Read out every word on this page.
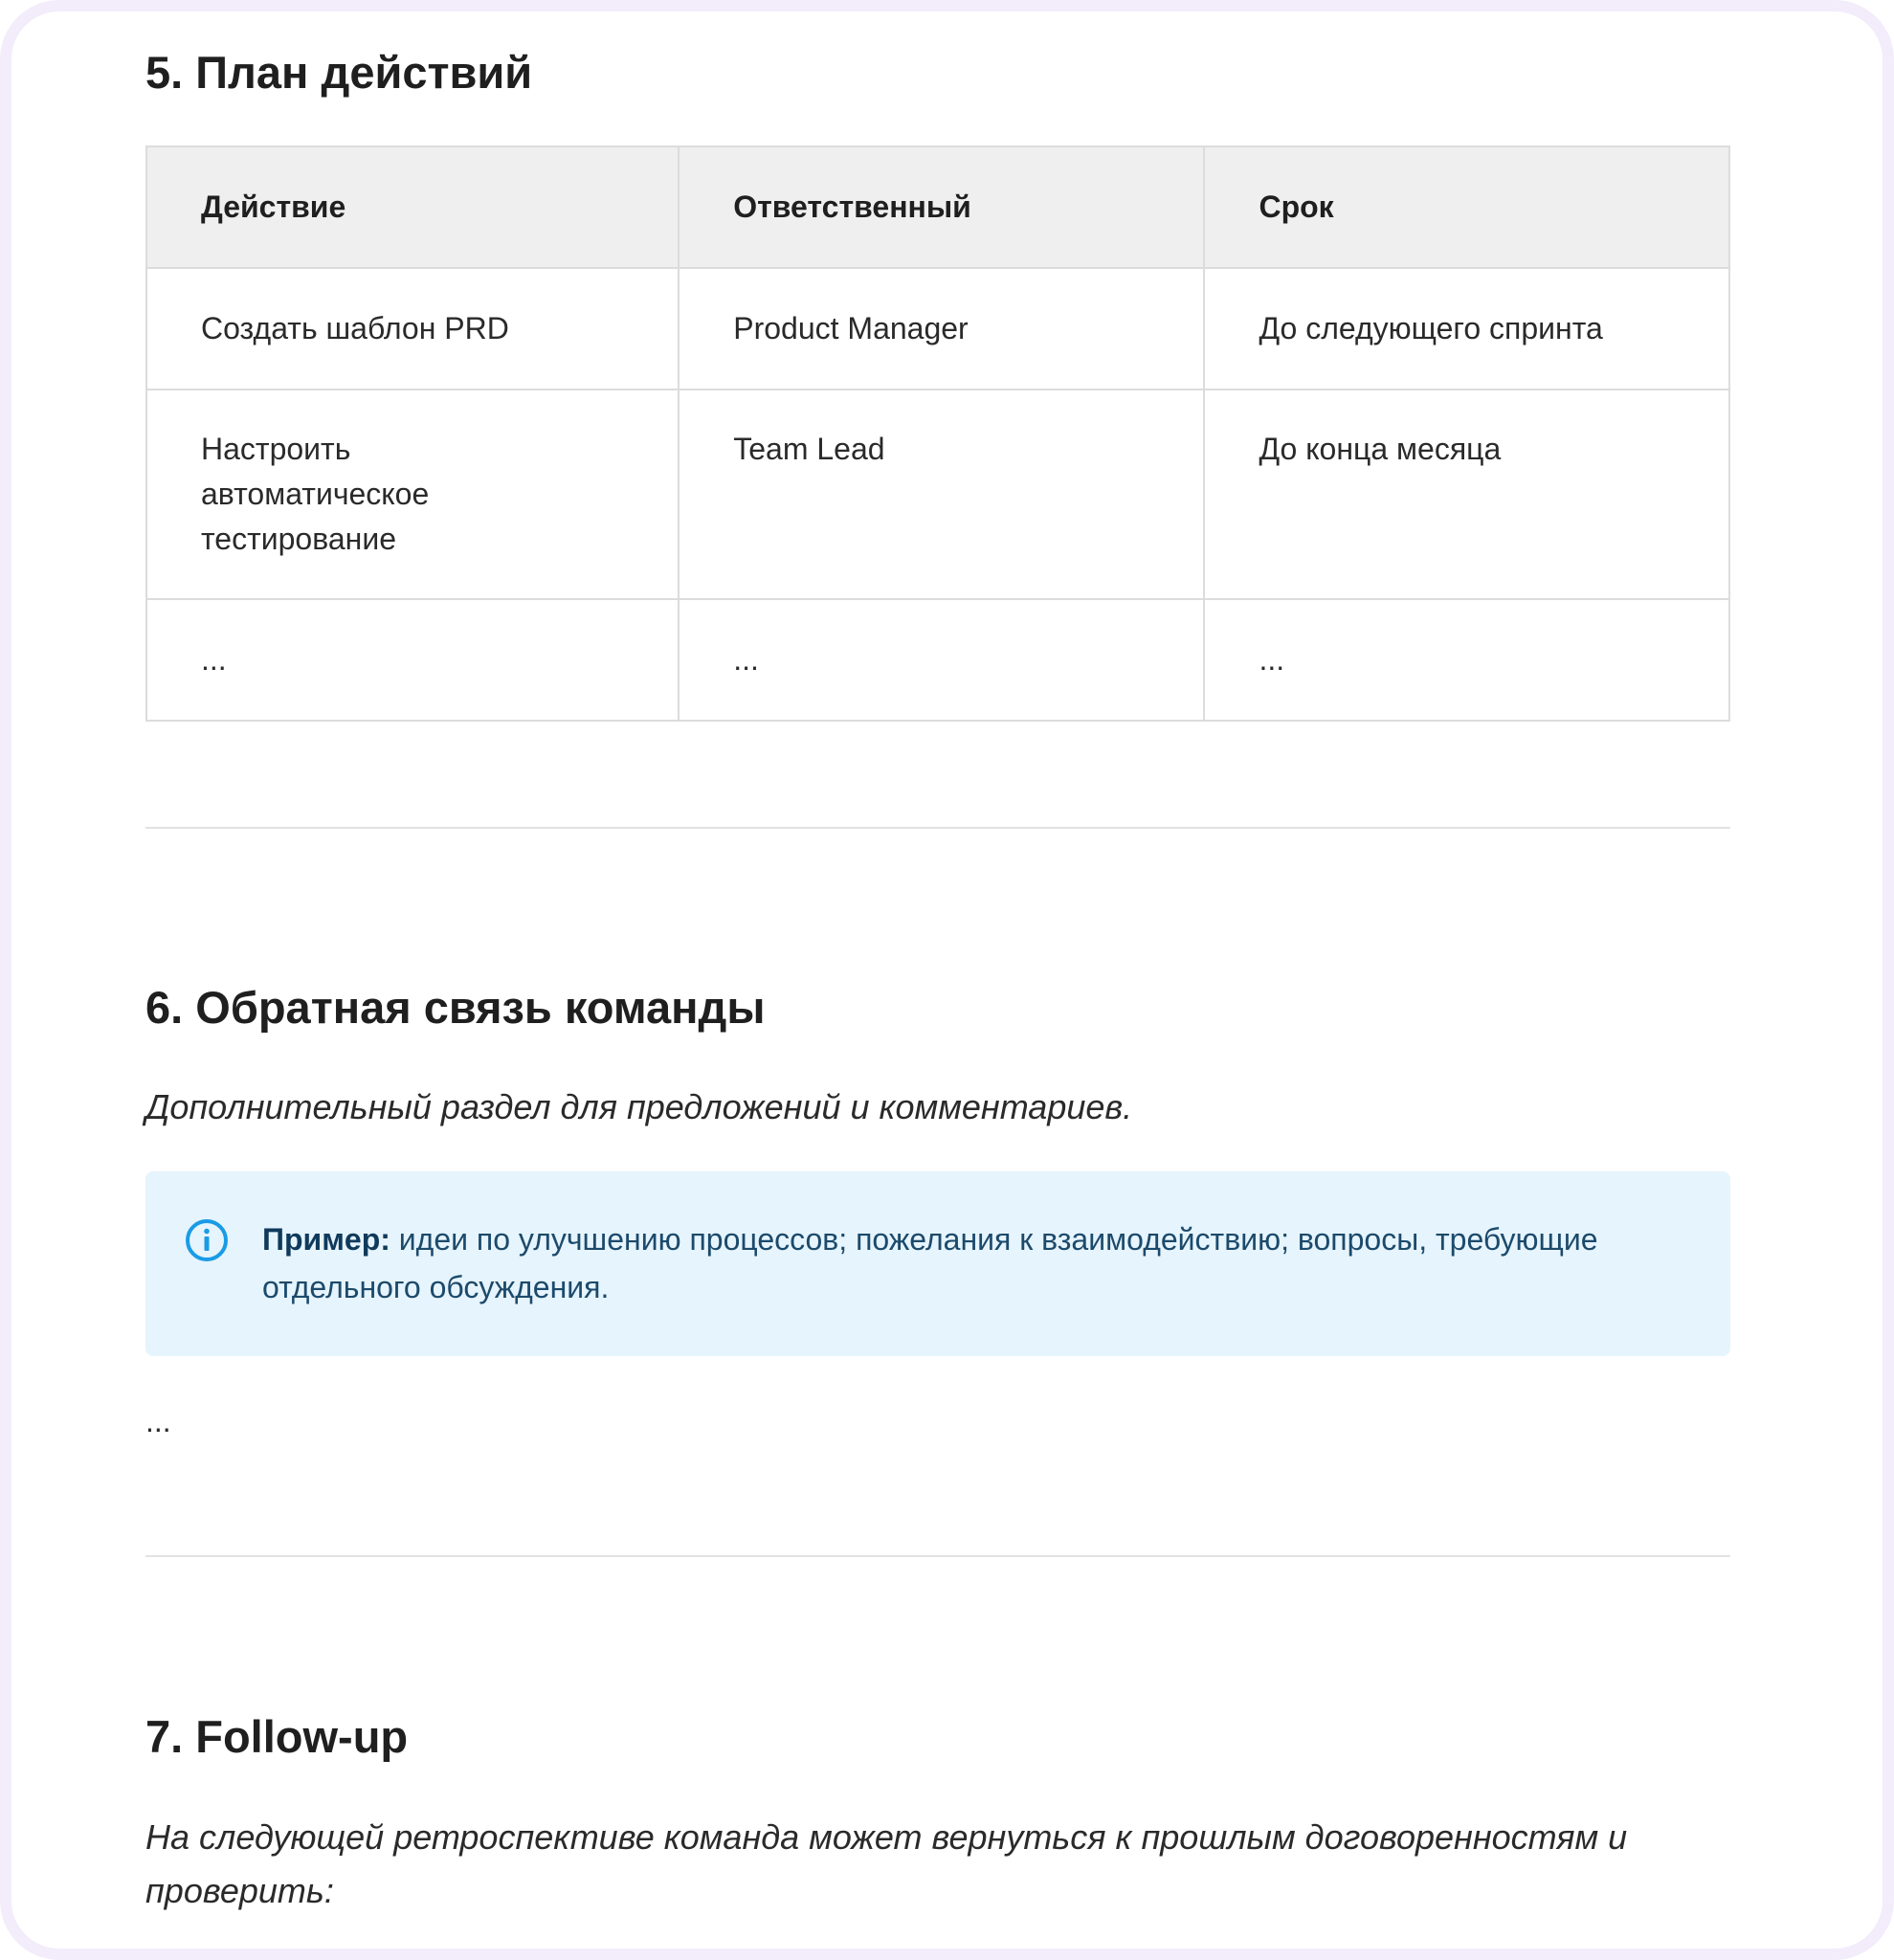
5. План действий
Действие	Ответственный	Срок
Создать шаблон PRD	Product Manager	До следующего спринта
Настроить автоматическое тестирование	Team Lead	До конца месяца
...	...	...
6. Обратная связь команды

Дополнительный раздел для предложений и комментариев.

Пример: идеи по улучшению процессов; пожелания к взаимодействию; вопросы, требующие отдельного обсуждения.
...
7. Follow-up

На следующей ретроспективе команда может вернуться к прошлым договоренностям и проверить:
